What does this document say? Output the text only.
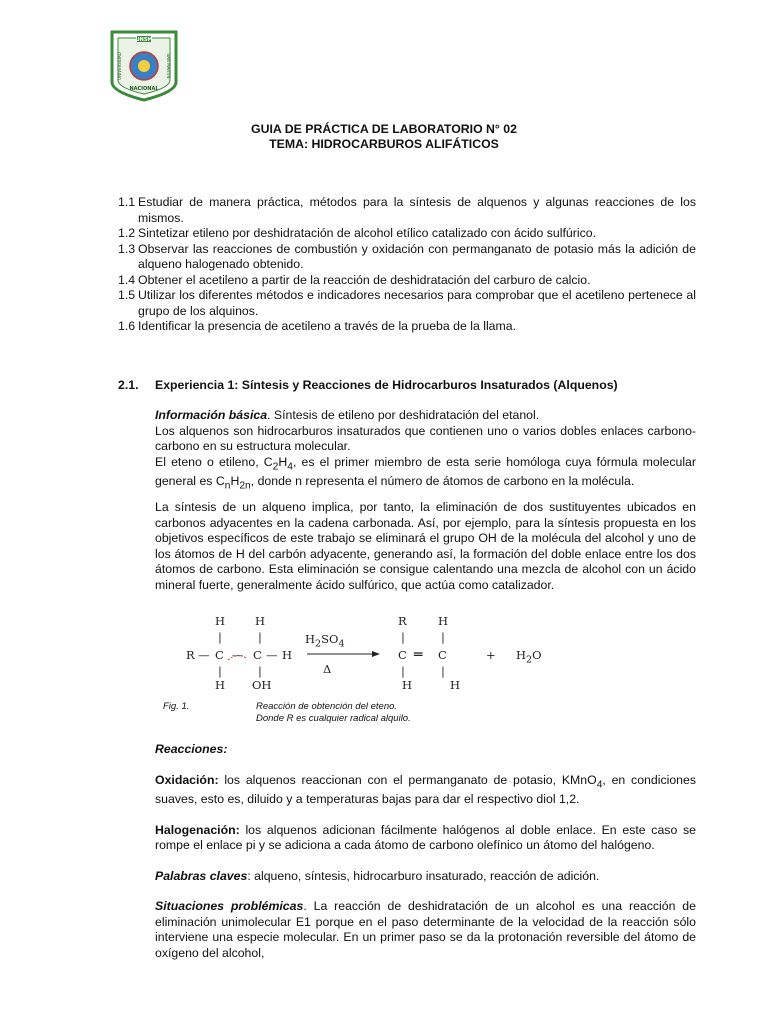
UNSM
UNIVERSIDAD	SAN MARTIN
NACIONAL
GUIA DE PRÁCTICA DE LABORATORIO N° 02
TEMA: HIDROCARBUROS ALIFÁTICOS
1.1 Estudiar de manera práctica, métodos para la síntesis de alquenos y algunas reacciones de los mismos.
1.2 Sintetizar etileno por deshidratación de alcohol etílico catalizado con ácido sulfúrico.
1.3 Observar las reacciones de combustión y oxidación con permanganato de potasio más la adición de alqueno halogenado obtenido.
1.4 Obtener el acetileno a partir de la reacción de deshidratación del carburo de calcio.
1.5 Utilizar los diferentes métodos e indicadores necesarios para comprobar que el acetileno pertenece al grupo de los alquinos.
1.6 Identificar la presencia de acetileno a través de la prueba de la llama.
2.1. Experiencia 1: Síntesis y Reacciones de Hidrocarburos Insaturados (Alquenos)

Información básica. Síntesis de etileno por deshidratación del etanol.

Los alquenos son hidrocarburos insaturados que contienen uno o varios dobles enlaces carbono-carbono en su estructura molecular.

El eteno o etileno, $C_2H_4$, es el primer miembro de esta serie homóloga cuya fórmula molecular general es $C_nH_{2n}$, donde n representa el número de átomos de carbono en la molécula.

La síntesis de un alqueno implica, por tanto, la eliminación de dos sustituyentes ubicados en carbonos adyacentes en la cadena carbonada. Así, por ejemplo, para la síntesis propuesta en los objetivos específicos de este trabajo se eliminará el grupo OH de la molécula del alcohol y uno de los átomos de H del carbón adyacente, generando así, la formación del doble enlace entre los dos átomos de carbono. Esta eliminación se consigue calentando una mezcla de alcohol con un ácido mineral fuerte, generalmente ácido sulfúrico, que actúa como catalizador.
H	H
|	|
R — C — C — H
|	|
H OH
$H_2SO_4$
Δ
R	H
|	|
C ═ C
|	|
H	H
+ $H_2O$
Fig. 1.	Reacción de obtención del eteno.
Donde R es cualquier radical alquilo.

Reacciones:

Oxidación: los alquenos reaccionan con el permanganato de potasio, KMnO$_4$, en condiciones suaves, esto es, diluido y a temperaturas bajas para dar el respectivo diol 1,2.

Halogenación: los alquenos adicionan fácilmente halógenos al doble enlace. En este caso se rompe el enlace pi y se adiciona a cada átomo de carbono olefínico un átomo del halógeno.

Palabras claves: alqueno, síntesis, hidrocarburo insaturado, reacción de adición.

Situaciones problémicas. La reacción de deshidratación de un alcohol es una reacción de eliminación unimolecular E1 porque en el paso determinante de la velocidad de la reacción sólo interviene una especie molecular. En un primer paso se da la protonación reversible del átomo de oxígeno del alcohol,
